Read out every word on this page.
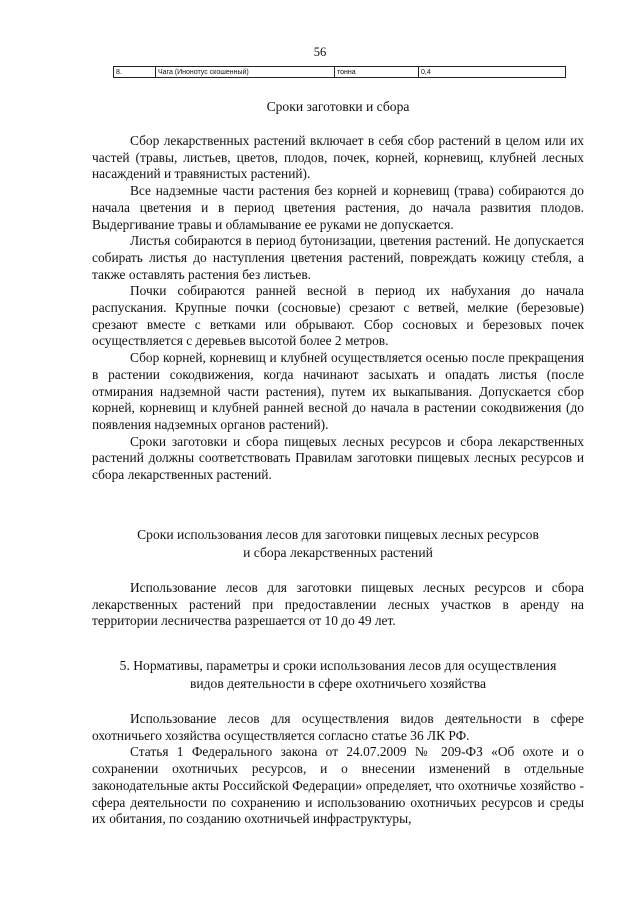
56
8.	Чага (Инонотус скошенный)	тонна	0,4
Сроки заготовки и сбора

Сбор лекарственных растений включает в себя сбор растений в целом или их частей (травы, листьев, цветов, плодов, почек, корней, корневищ, клубней лесных насаждений и травянистых растений).

Все надземные части растения без корней и корневищ (трава) собираются до начала цветения и в период цветения растения, до начала развития плодов. Выдергивание травы и обламывание ее руками не допускается.

Листья собираются в период бутонизации, цветения растений. Не допускается собирать листья до наступления цветения растений, повреждать кожицу стебля, а также оставлять растения без листьев.

Почки собираются ранней весной в период их набухания до начала распускания. Крупные почки (сосновые) срезают с ветвей, мелкие (березовые) срезают вместе с ветками или обрывают. Сбор сосновых и березовых почек осуществляется с деревьев высотой более 2 метров.

Сбор корней, корневищ и клубней осуществляется осенью после прекращения в растении сокодвижения, когда начинают засыхать и опадать листья (после отмирания надземной части растения), путем их выкапывания. Допускается сбор корней, корневищ и клубней ранней весной до начала в растении сокодвижения (до появления надземных органов растений).

Сроки заготовки и сбора пищевых лесных ресурсов и сбора лекарственных растений должны соответствовать Правилам заготовки пищевых лесных ресурсов и сбора лекарственных растений.

Сроки использования лесов для заготовки пищевых лесных ресурсов
и сбора лекарственных растений

Использование лесов для заготовки пищевых лесных ресурсов и сбора лекарственных растений при предоставлении лесных участков в аренду на территории лесничества разрешается от 10 до 49 лет.

5. Нормативы, параметры и сроки использования лесов для осуществления
видов деятельности в сфере охотничьего хозяйства

Использование лесов для осуществления видов деятельности в сфере охотничьего хозяйства осуществляется согласно статье 36 ЛК РФ.

Статья 1 Федерального закона от 24.07.2009 № 209-ФЗ «Об охоте и о сохранении охотничьих ресурсов, и о внесении изменений в отдельные законодательные акты Российской Федерации» определяет, что охотничье хозяйство - сфера деятельности по сохранению и использованию охотничьих ресурсов и среды их обитания, по созданию охотничьей инфраструктуры,
